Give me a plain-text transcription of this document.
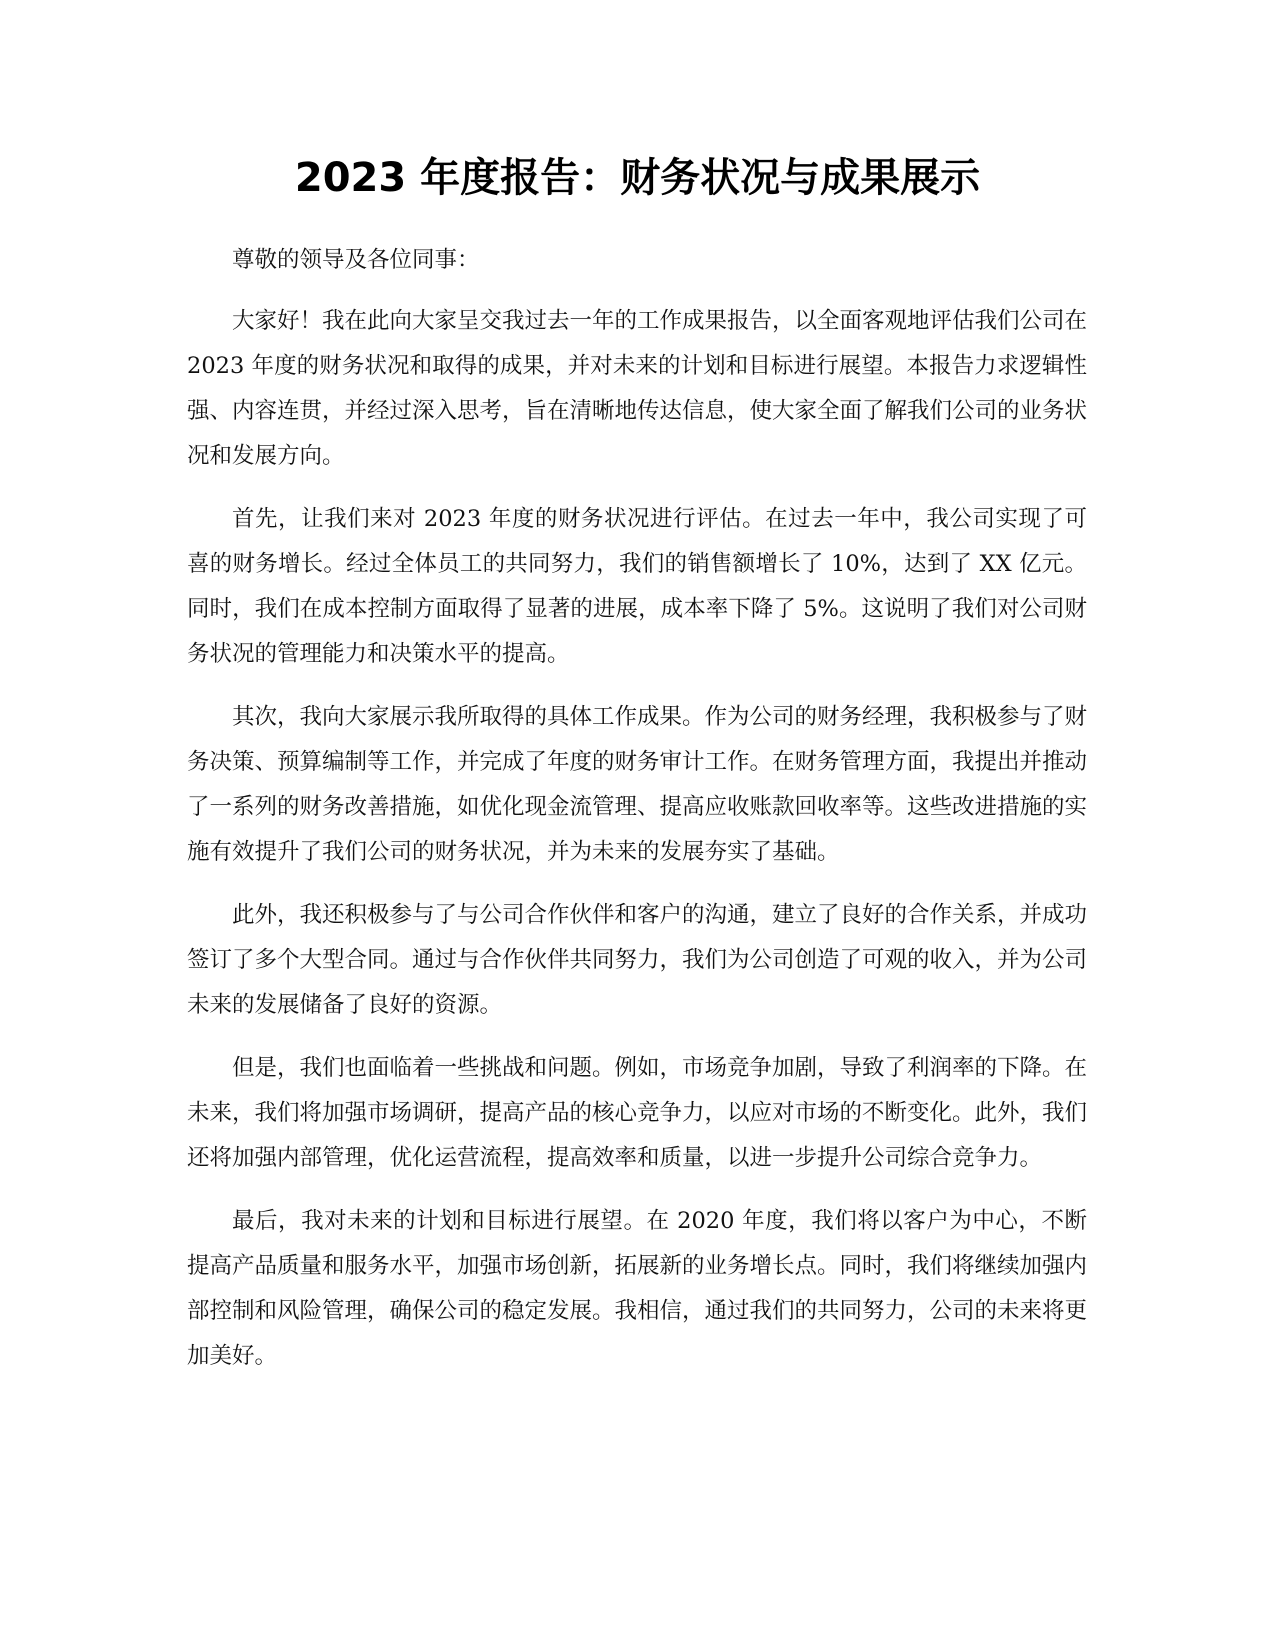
2023 年度报告：财务状况与成果展示

尊敬的领导及各位同事：

大家好！我在此向大家呈交我过去一年的工作成果报告，以全面客观地评估我们公司在 2023 年度的财务状况和取得的成果，并对未来的计划和目标进行展望。本报告力求逻辑性强、内容连贯，并经过深入思考，旨在清晰地传达信息，使大家全面了解我们公司的业务状况和发展方向。

首先，让我们来对 2023 年度的财务状况进行评估。在过去一年中，我公司实现了可喜的财务增长。经过全体员工的共同努力，我们的销售额增长了 10%，达到了 XX 亿元。同时，我们在成本控制方面取得了显著的进展，成本率下降了 5%。这说明了我们对公司财务状况的管理能力和决策水平的提高。

其次，我向大家展示我所取得的具体工作成果。作为公司的财务经理，我积极参与了财务决策、预算编制等工作，并完成了年度的财务审计工作。在财务管理方面，我提出并推动了一系列的财务改善措施，如优化现金流管理、提高应收账款回收率等。这些改进措施的实施有效提升了我们公司的财务状况，并为未来的发展夯实了基础。

此外，我还积极参与了与公司合作伙伴和客户的沟通，建立了良好的合作关系，并成功签订了多个大型合同。通过与合作伙伴共同努力，我们为公司创造了可观的收入，并为公司未来的发展储备了良好的资源。

但是，我们也面临着一些挑战和问题。例如，市场竞争加剧，导致了利润率的下降。在未来，我们将加强市场调研，提高产品的核心竞争力，以应对市场的不断变化。此外，我们还将加强内部管理，优化运营流程，提高效率和质量，以进一步提升公司综合竞争力。

最后，我对未来的计划和目标进行展望。在 2020 年度，我们将以客户为中心，不断提高产品质量和服务水平，加强市场创新，拓展新的业务增长点。同时，我们将继续加强内部控制和风险管理，确保公司的稳定发展。我相信，通过我们的共同努力，公司的未来将更加美好。
